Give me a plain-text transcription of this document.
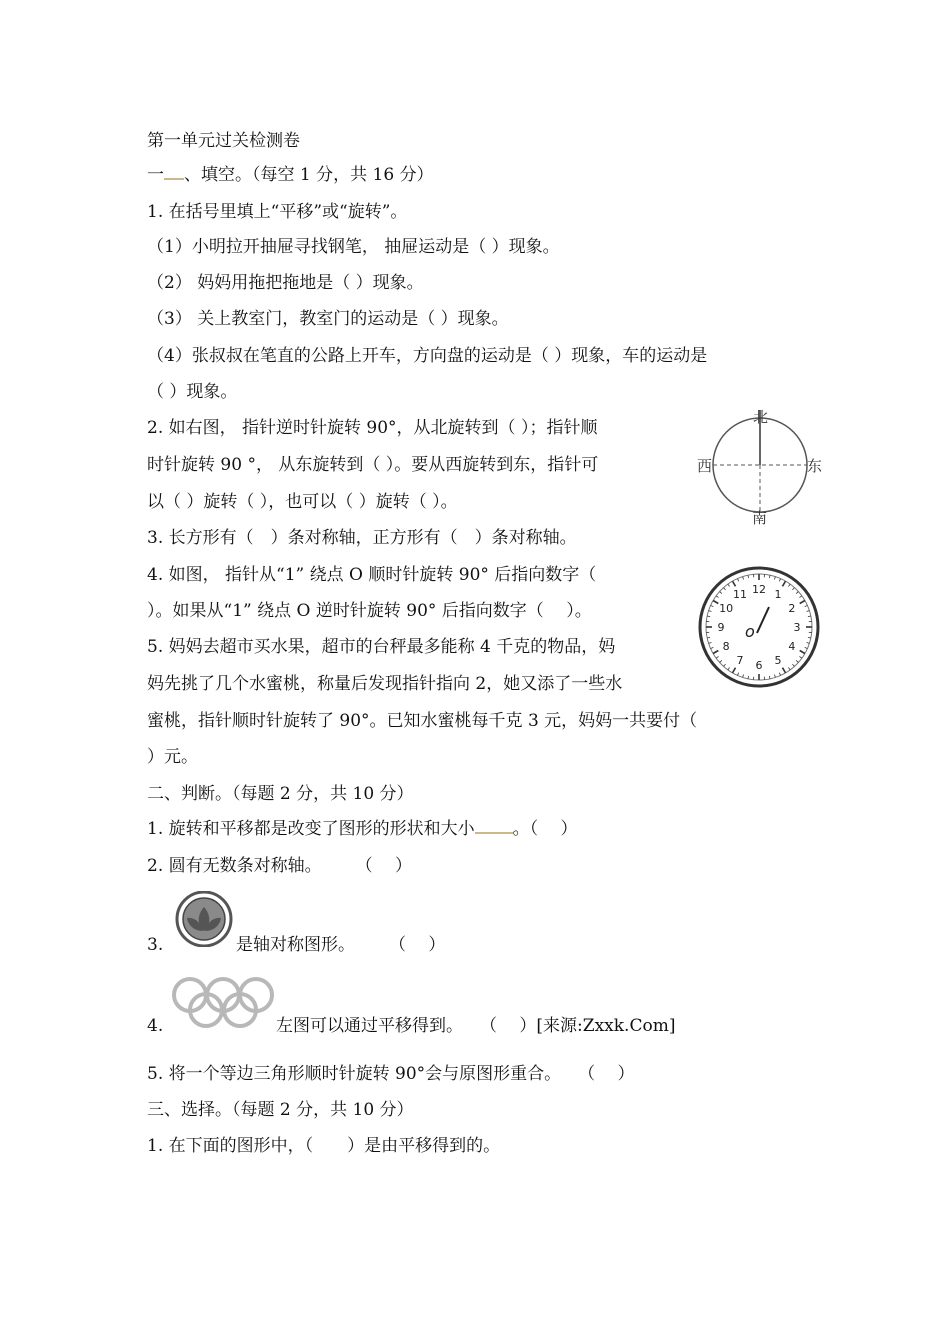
第一单元过关检测卷
一 、填空。（每空 1 分，共 16 分）
1. 在括号里填上“平移”或“旋转”。
（1）小明拉开抽屉寻找钢笔， 抽屉运动是（ ）现象。
（2） 妈妈用拖把拖地是（ ）现象。
（3） 关上教室门，教室门的运动是（ ）现象。
（4）张叔叔在笔直的公路上开车，方向盘的运动是（ ）现象，车的运动是
（ ）现象。
2. 如右图， 指针逆时针旋转 90°，从北旋转到（ ）；指针顺
时针旋转 90 °， 从东旋转到（ ）。要从西旋转到东，指针可
以（ ）旋转（ ），也可以（ ）旋转（ ）。
3. 长方形有（　）条对称轴，正方形有（　）条对称轴。
4. 如图， 指针从“1” 绕点 O 顺时针旋转 90° 后指向数字（
）。如果从“1” 绕点 O 逆时针旋转 90° 后指向数字（　 ）。
5. 妈妈去超市买水果，超市的台秤最多能称 4 千克的物品，妈
妈先挑了几个水蜜桃，称量后发现指针指向 2，她又添了一些水
蜜桃，指针顺时针旋转了 90°。已知水蜜桃每千克 3 元，妈妈一共要付（
）元。
北
南
东
西
12 1
2
3
4
5
6
7
8
9
10
11
o
二、判断。（每题 2 分，共 10 分）
1. 旋转和平移都是改变了图形的形状和大小 。（　 ）
2. 圆有无数条对称轴。　　　（　 ）
3.	是轴对称图形。　　　（　 ）
4.	左图可以通过平移得到。　　（　 ）[来源:Zxxk.Com]
5. 将一个等边三角形顺时针旋转 90°会与原图形重合。　　（　 ）
三、选择。（每题 2 分，共 10 分）
1. 在下面的图形中，（　　）是由平移得到的。
